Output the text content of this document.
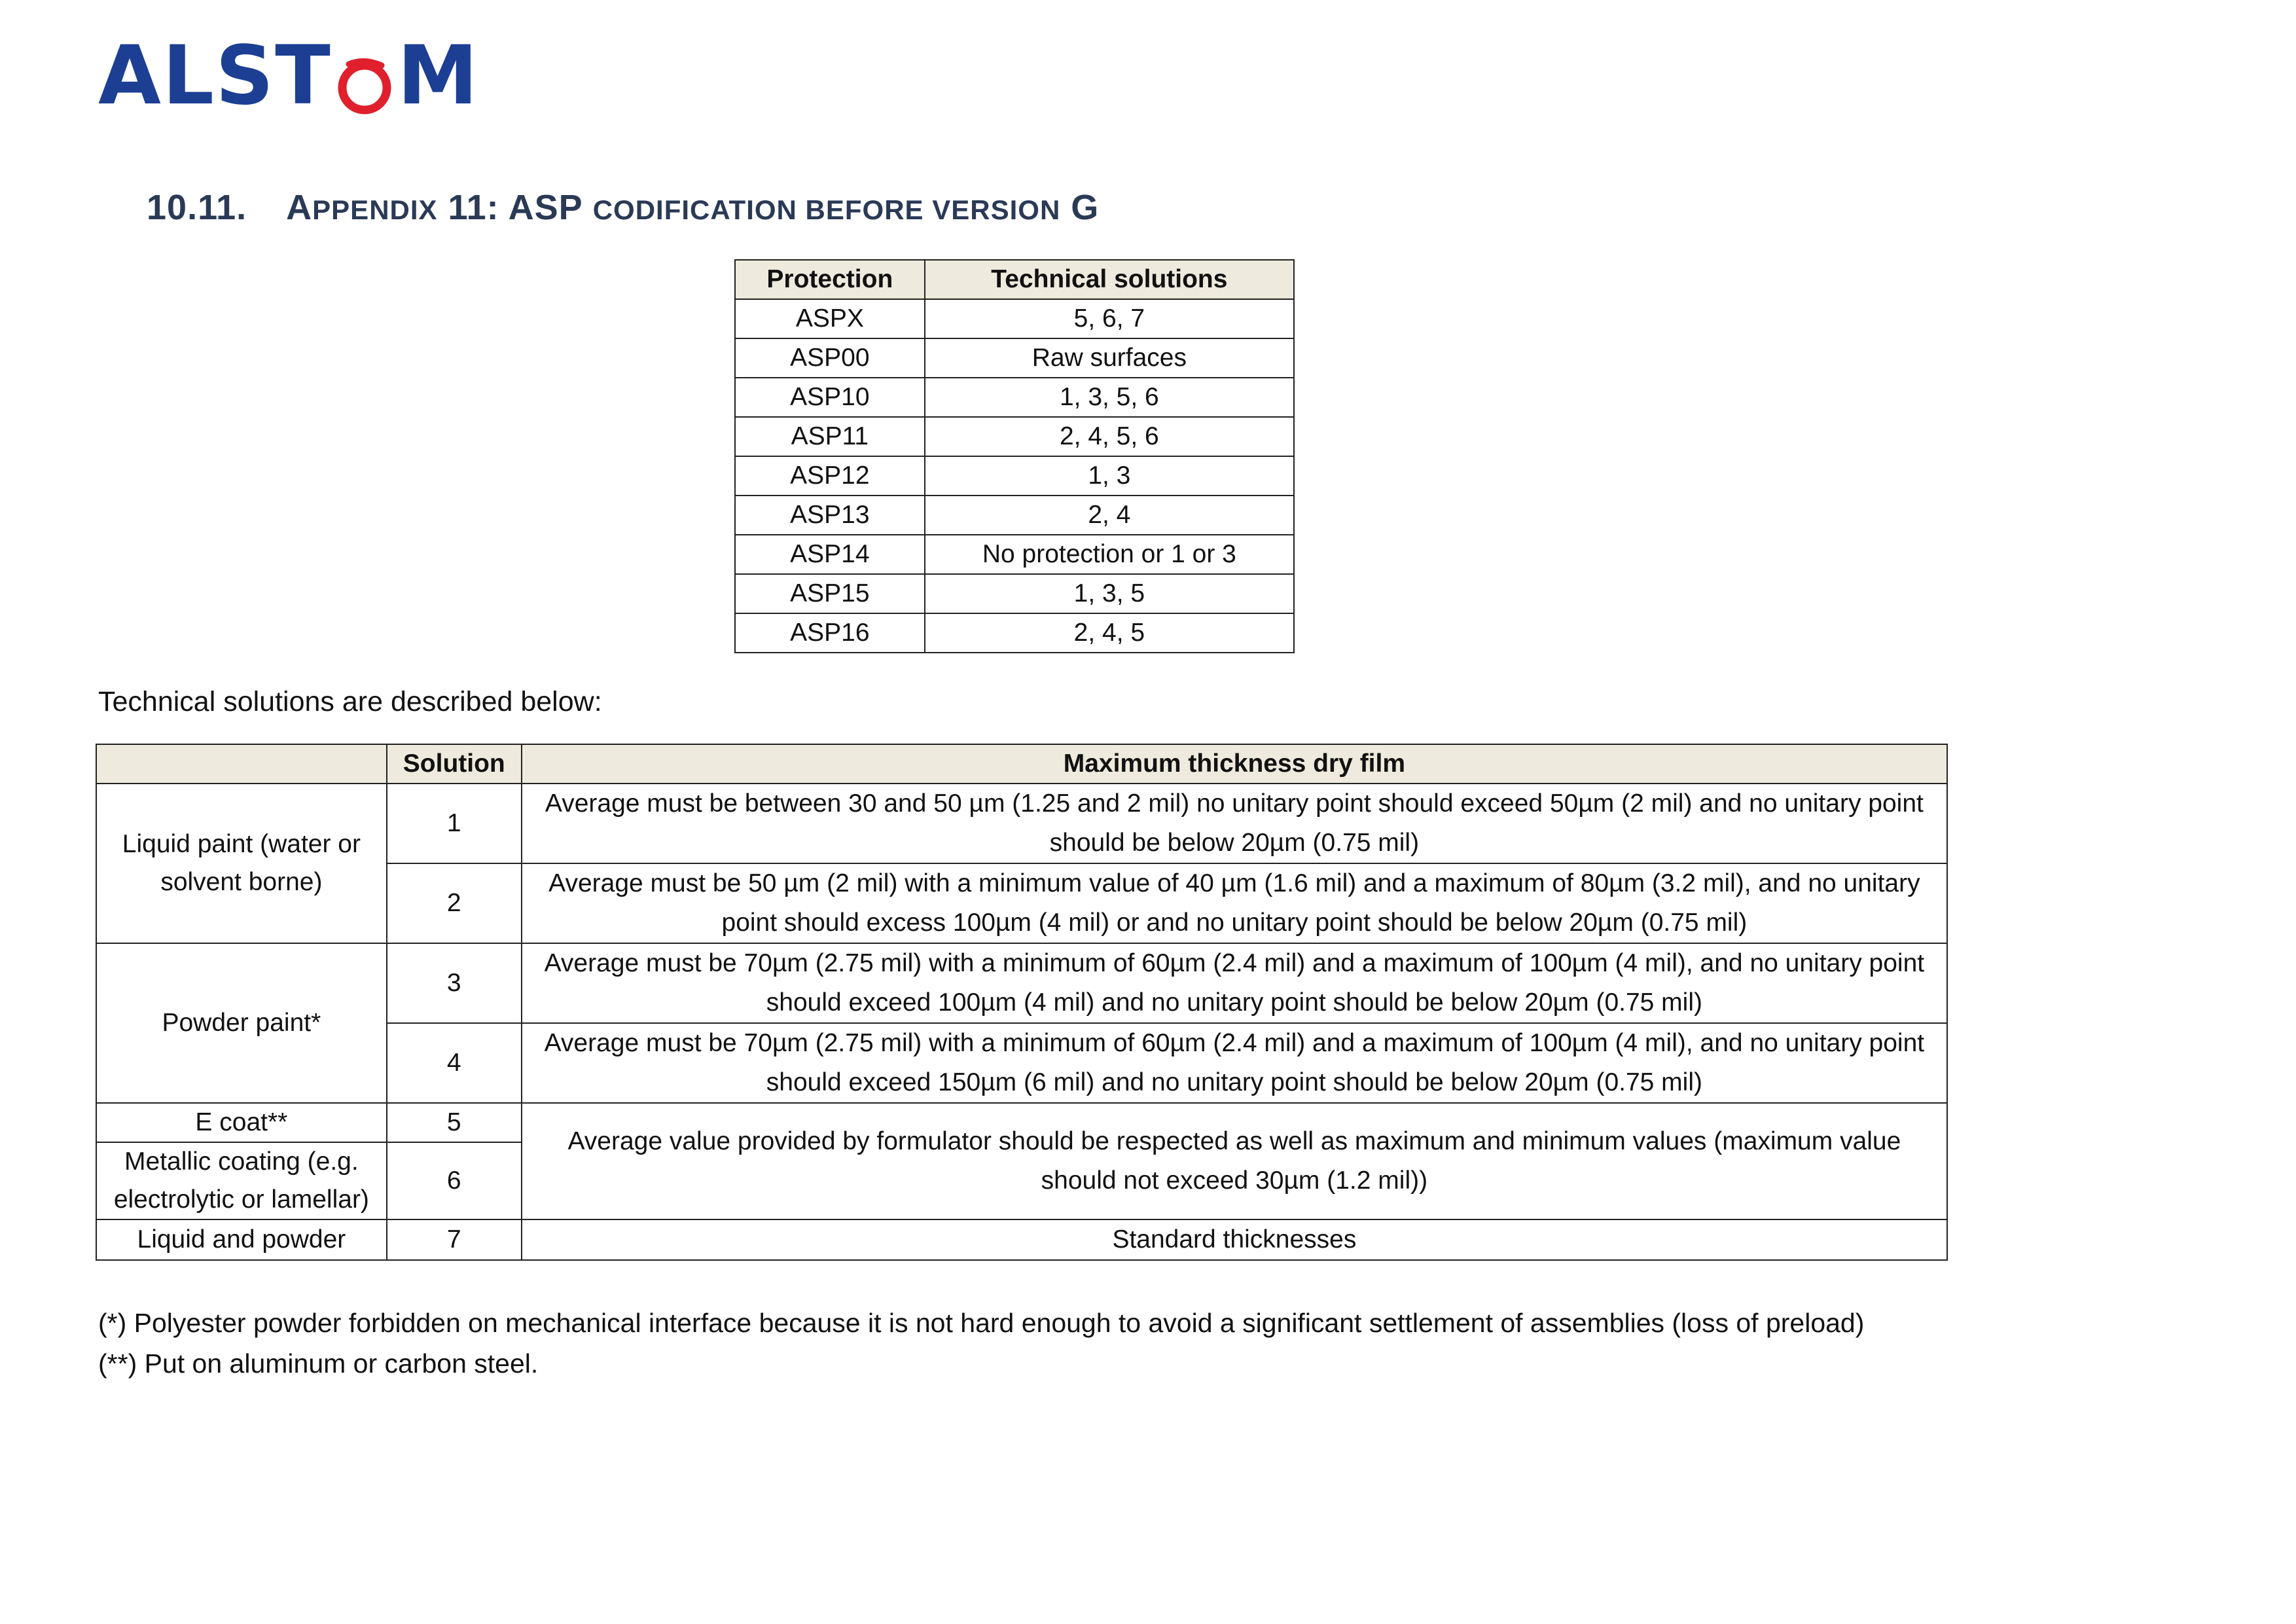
ALST M
10.11. APPENDIX 11: ASP CODIFICATION BEFORE VERSION G
Protection	Technical solutions
ASPX	5, 6, 7
ASP00	Raw surfaces
ASP10	1, 3, 5, 6
ASP11	2, 4, 5, 6
ASP12	1, 3
ASP13	2, 4
ASP14	No protection or 1 or 3
ASP15	1, 3, 5
ASP16	2, 4, 5
Technical solutions are described below:
	Solution	Maximum thickness dry film
Liquid paint (water or solvent borne)	1	Average must be between 30 and 50 µm (1.25 and 2 mil) no unitary point should exceed 50µm (2 mil) and no unitary point should be below 20µm (0.75 mil)
	2	Average must be 50 µm (2 mil) with a minimum value of 40 µm (1.6 mil) and a maximum of 80µm (3.2 mil), and no unitary point should excess 100µm (4 mil) or and no unitary point should be below 20µm (0.75 mil)
Powder paint*	3	Average must be 70µm (2.75 mil) with a minimum of 60µm (2.4 mil) and a maximum of 100µm (4 mil), and no unitary point should exceed 100µm (4 mil) and no unitary point should be below 20µm (0.75 mil)
	4	Average must be 70µm (2.75 mil) with a minimum of 60µm (2.4 mil) and a maximum of 100µm (4 mil), and no unitary point should exceed 150µm (6 mil) and no unitary point should be below 20µm (0.75 mil)
E coat**	5	Average value provided by formulator should be respected as well as maximum and minimum values (maximum value should not exceed 30µm (1.2 mil))
Metallic coating (e.g. electrolytic or lamellar)	6	
Liquid and powder	7	Standard thicknesses
(*) Polyester powder forbidden on mechanical interface because it is not hard enough to avoid a significant settlement of assemblies (loss of preload)
(**) Put on aluminum or carbon steel.
